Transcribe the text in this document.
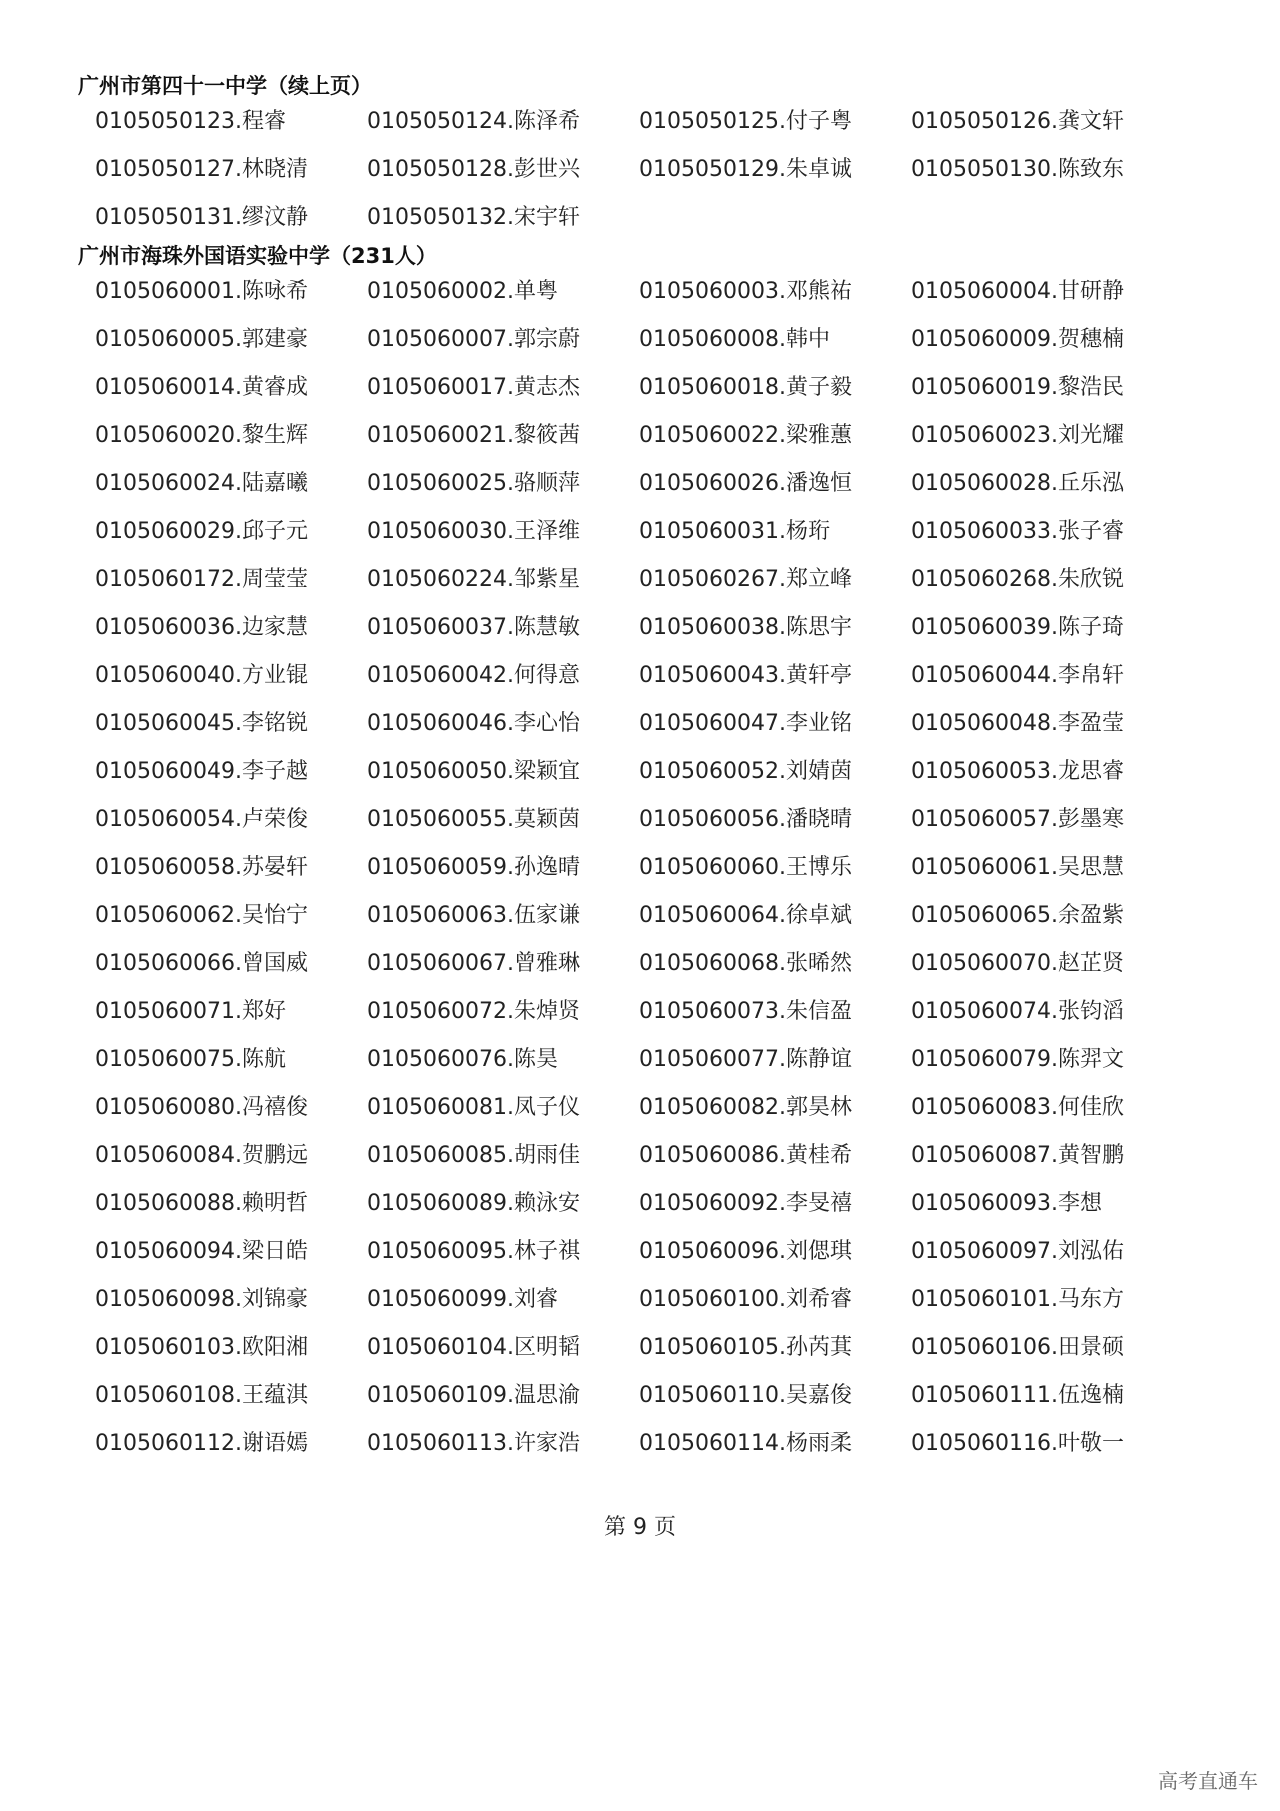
广州市第四十一中学（续上页）
0105050123.程睿	0105050124.陈泽希	0105050125.付子粤	0105050126.龚文轩
0105050127.林晓清	0105050128.彭世兴	0105050129.朱卓诚	0105050130.陈致东
0105050131.缪汶静	0105050132.宋宇轩
广州市海珠外国语实验中学（231人）
0105060001.陈咏希	0105060002.单粤	0105060003.邓熊祐	0105060004.甘研静
0105060005.郭建豪	0105060007.郭宗蔚	0105060008.韩中	0105060009.贺穗楠
0105060014.黄睿成	0105060017.黄志杰	0105060018.黄子毅	0105060019.黎浩民
0105060020.黎生辉	0105060021.黎筱茜	0105060022.梁雅蕙	0105060023.刘光耀
0105060024.陆嘉曦	0105060025.骆顺萍	0105060026.潘逸恒	0105060028.丘乐泓
0105060029.邱子元	0105060030.王泽维	0105060031.杨珩	0105060033.张子睿
0105060172.周莹莹	0105060224.邹紫星	0105060267.郑立峰	0105060268.朱欣锐
0105060036.边家慧	0105060037.陈慧敏	0105060038.陈思宇	0105060039.陈子琦
0105060040.方业锟	0105060042.何得意	0105060043.黄轩亭	0105060044.李帛轩
0105060045.李铭锐	0105060046.李心怡	0105060047.李业铭	0105060048.李盈莹
0105060049.李子越	0105060050.梁颖宜	0105060052.刘婧茵	0105060053.龙思睿
0105060054.卢荣俊	0105060055.莫颖茵	0105060056.潘晓晴	0105060057.彭墨寒
0105060058.苏晏轩	0105060059.孙逸晴	0105060060.王博乐	0105060061.吴思慧
0105060062.吴怡宁	0105060063.伍家谦	0105060064.徐卓斌	0105060065.余盈紫
0105060066.曾国威	0105060067.曾雅琳	0105060068.张晞然	0105060070.赵芷贤
0105060071.郑好	0105060072.朱焯贤	0105060073.朱信盈	0105060074.张钧滔
0105060075.陈航	0105060076.陈昊	0105060077.陈静谊	0105060079.陈羿文
0105060080.冯禧俊	0105060081.凤子仪	0105060082.郭昊林	0105060083.何佳欣
0105060084.贺鹏远	0105060085.胡雨佳	0105060086.黄桂希	0105060087.黄智鹏
0105060088.赖明哲	0105060089.赖泳安	0105060092.李旻禧	0105060093.李想
0105060094.梁日皓	0105060095.林子祺	0105060096.刘偲琪	0105060097.刘泓佑
0105060098.刘锦豪	0105060099.刘睿	0105060100.刘希睿	0105060101.马东方
0105060103.欧阳湘	0105060104.区明韬	0105060105.孙芮萁	0105060106.田景硕
0105060108.王蕴淇	0105060109.温思渝	0105060110.吴嘉俊	0105060111.伍逸楠
0105060112.谢语嫣	0105060113.许家浩	0105060114.杨雨柔	0105060116.叶敬一
第 9 页
高考直通车
